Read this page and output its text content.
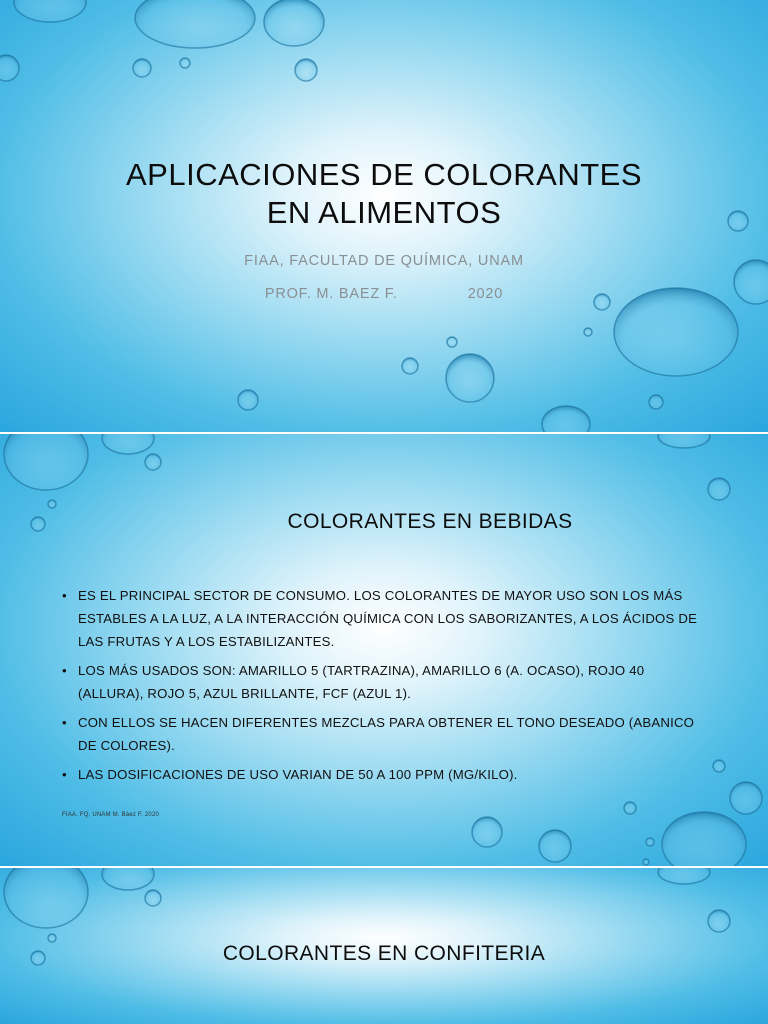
APLICACIONES DE COLORANTES
EN ALIMENTOS
FIAA, FACULTAD DE QUÍMICA, UNAM
PROF. M. BAEZ F.	2020
COLORANTES EN BEBIDAS
• ES EL PRINCIPAL SECTOR DE CONSUMO. LOS COLORANTES DE MAYOR USO SON LOS MÁS ESTABLES A LA LUZ, A LA INTERACCIÓN QUÍMICA CON LOS SABORIZANTES, A LOS ÁCIDOS DE LAS FRUTAS Y A LOS ESTABILIZANTES.
• LOS MÁS USADOS SON: AMARILLO 5 (TARTRAZINA), AMARILLO 6 (A. OCASO), ROJO 40 (ALLURA), ROJO 5, AZUL BRILLANTE, FCF (AZUL 1).
• CON ELLOS SE HACEN DIFERENTES MEZCLAS PARA OBTENER EL TONO DESEADO (ABANICO DE COLORES).
• LAS DOSIFICACIONES DE USO VARIAN DE 50 A 100 PPM (MG/KILO).
FIAA. FQ, UNAM M. Báez F. 2020
COLORANTES EN CONFITERIA
